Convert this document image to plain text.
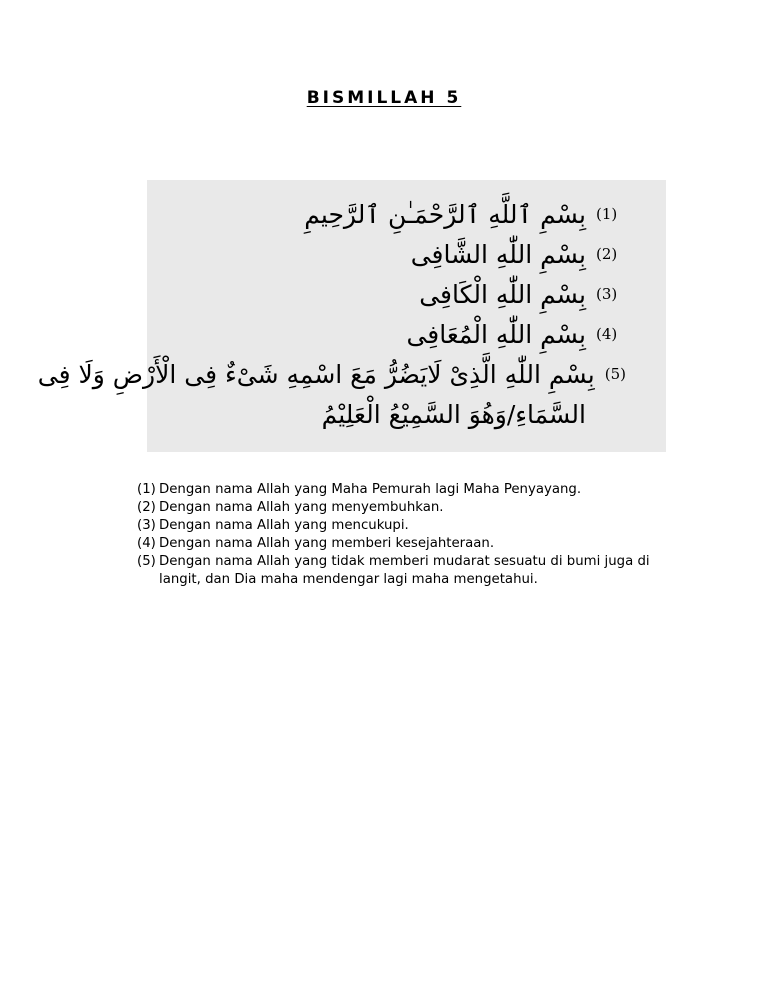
BISMILLAH 5
بِسْمِ ٱللَّهِ ٱلرَّحْمَـٰنِ ٱلرَّحِيمِ (1)
بِسْمِ اللّٰهِ الشَّافِى (2)
بِسْمِ اللّٰهِ الْكَافِى (3)
بِسْمِ اللّٰهِ الْمُعَافِى (4)
بِسْمِ اللّٰهِ الَّذِىْ لَايَضُرُّ مَعَ اسْمِهِ شَىْءٌ فِى الْأَرْضِ وَلَا فِى (5)
السَّمَاءِ/وَهُوَ السَّمِيْعُ الْعَلِيْمُ
(1) Dengan nama Allah yang Maha Pemurah lagi Maha Penyayang.
(2) Dengan nama Allah yang menyembuhkan.
(3) Dengan nama Allah yang mencukupi.
(4) Dengan nama Allah yang memberi kesejahteraan.
(5) Dengan nama Allah yang tidak memberi mudarat sesuatu di bumi juga di langit, dan Dia maha mendengar lagi maha mengetahui.
